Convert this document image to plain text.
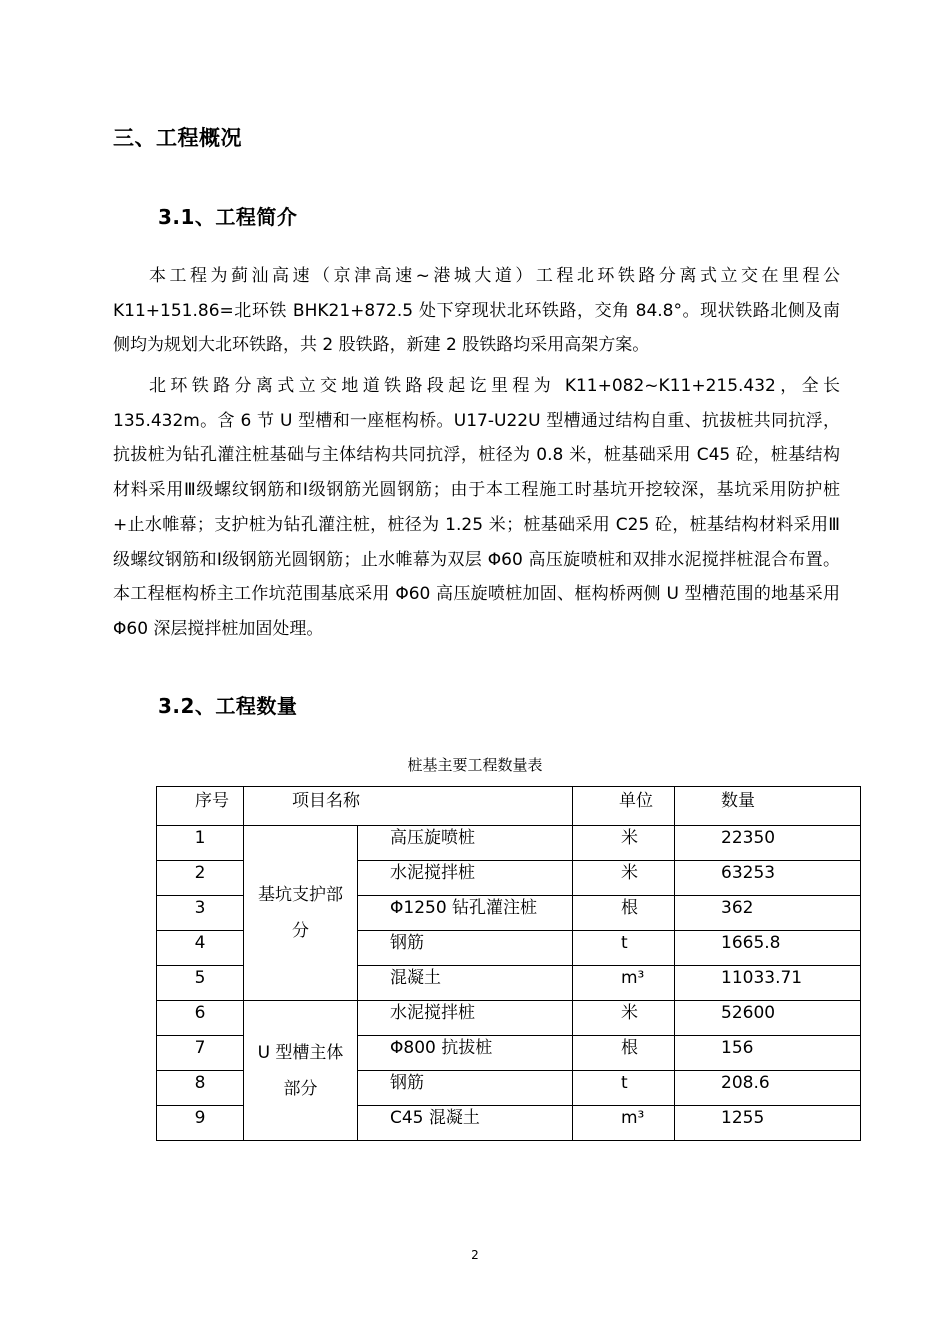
三、工程概况
3.1、工程简介
本工程为蓟汕高速（京津高速~港城大道）工程北环铁路分离式立交在里程公K11+151.86=北环铁 BHK21+872.5 处下穿现状北环铁路，交角 84.8°。现状铁路北侧及南侧均为规划大北环铁路，共 2 股铁路，新建 2 股铁路均采用高架方案。
北环铁路分离式立交地道铁路段起讫里程为 K11+082~K11+215.432，全长135.432m。含 6 节 U 型槽和一座框构桥。U17-U22U 型槽通过结构自重、抗拔桩共同抗浮，抗拔桩为钻孔灌注桩基础与主体结构共同抗浮，桩径为 0.8 米，桩基础采用 C45 砼，桩基结构材料采用Ⅲ级螺纹钢筋和Ⅰ级钢筋光圆钢筋；由于本工程施工时基坑开挖较深，基坑采用防护桩+止水帷幕；支护桩为钻孔灌注桩，桩径为 1.25 米；桩基础采用 C25 砼，桩基结构材料采用Ⅲ级螺纹钢筋和Ⅰ级钢筋光圆钢筋；止水帷幕为双层 Φ60 高压旋喷桩和双排水泥搅拌桩混合布置。本工程框构桥主工作坑范围基底采用 Φ60 高压旋喷桩加固、框构桥两侧 U 型槽范围的地基采用 Φ60 深层搅拌桩加固处理。
3.2、工程数量
桩基主要工程数量表
序号	项目名称		单位	数量
1	基坑支护部分	高压旋喷桩	米	22350
2		水泥搅拌桩	米	63253
3		Φ1250 钻孔灌注桩	根	362
4		钢筋	t	1665.8
5		混凝土	m³	11033.71
6	U 型槽主体部分	水泥搅拌桩	米	52600
7		Φ800 抗拔桩	根	156
8		钢筋	t	208.6
9		C45 混凝土	m³	1255
2
